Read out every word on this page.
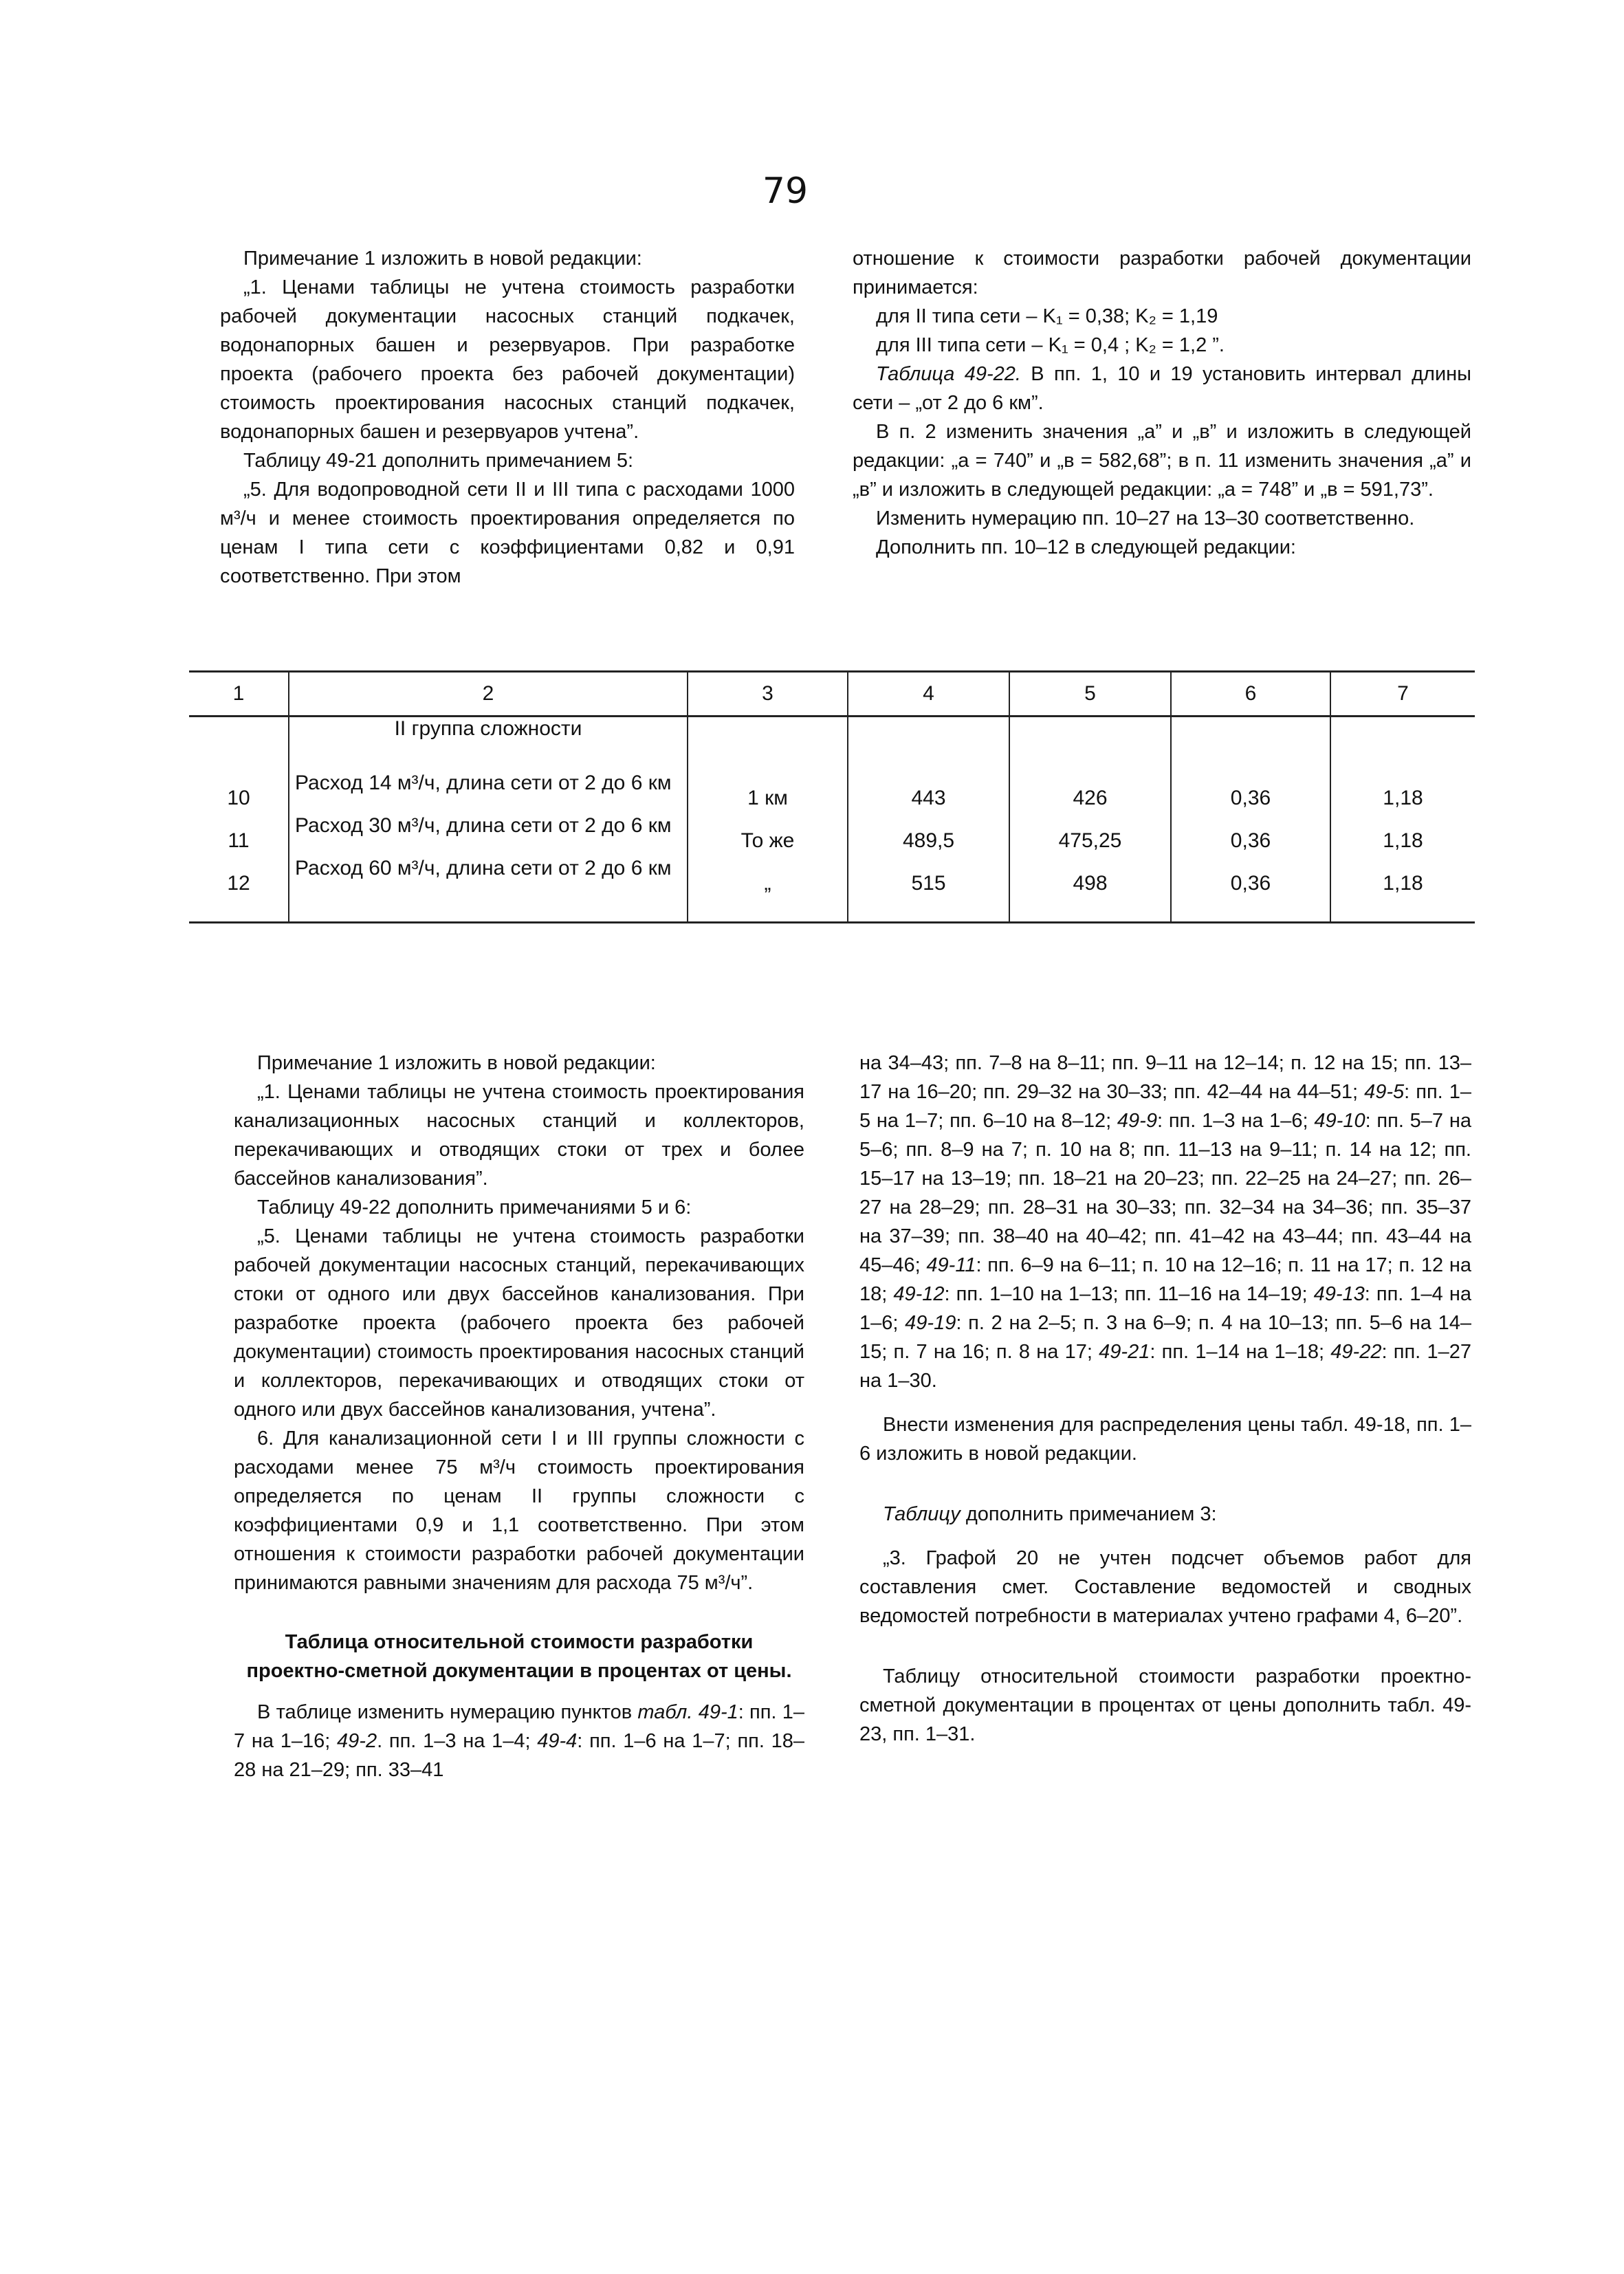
79

Примечание 1 изложить в новой редакции:

„1. Ценами таблицы не учтена стоимость разработки рабочей документации насосных станций подкачек, водонапорных башен и резервуаров. При разработке проекта (рабочего проекта без рабочей документации) стоимость проектирования насосных станций подкачек, водонапорных башен и резервуаров учтена”.

Таблицу 49-21 дополнить примечанием 5:

„5. Для водопроводной сети II и III типа с расходами 1000 м³/ч и менее стоимость проектирования определяется по ценам I типа сети с коэффициентами 0,82 и 0,91 соответственно. При этом

отношение к стоимости разработки рабочей документации принимается:

для II типа сети – K₁ = 0,38; K₂ = 1,19

для III типа сети – K₁ = 0,4 ; K₂ = 1,2 ”.

Таблица 49-22. В пп. 1, 10 и 19 установить интервал длины сети – „от 2 до 6 км”.

В п. 2 изменить значения „а” и „в” и изложить в следующей редакции: „а = 740” и „в = 582,68”; в п. 11 изменить значения „а” и „в” и изложить в следующей редакции: „а = 748” и „в = 591,73”.

Изменить нумерацию пп. 10–27 на 13–30 соответственно.

Дополнить пп. 10–12 в следующей редакции:

1	2	3	4	5	6	7
	II группа сложности					
10	Расход 14 м³/ч, длина сети от 2 до 6 км	1 км	443	426	0,36	1,18
11	Расход 30 м³/ч, длина сети от 2 до 6 км	То же	489,5	475,25	0,36	1,18
12	Расход 60 м³/ч, длина сети от 2 до 6 км	„	515	498	0,36	1,18

Примечание 1 изложить в новой редакции:

„1. Ценами таблицы не учтена стоимость проектирования канализационных насосных станций и коллекторов, перекачивающих и отводящих стоки от трех и более бассейнов канализования”.

Таблицу 49-22 дополнить примечаниями 5 и 6:

„5. Ценами таблицы не учтена стоимость разработки рабочей документации насосных станций, перекачивающих стоки от одного или двух бассейнов канализования. При разработке проекта (рабочего проекта без рабочей документации) стоимость проектирования насосных станций и коллекторов, перекачивающих и отводящих стоки от одного или двух бассейнов канализования, учтена”.

6. Для канализационной сети I и III группы сложности с расходами менее 75 м³/ч стоимость проектирования определяется по ценам II группы сложности с коэффициентами 0,9 и 1,1 соответственно. При этом отношения к стоимости разработки рабочей документации принимаются равными значениям для расхода 75 м³/ч”.

Таблица относительной стоимости разработки проектно-сметной документации в процентах от цены.

В таблице изменить нумерацию пунктов табл. 49-1: пп. 1–7 на 1–16; 49-2. пп. 1–3 на 1–4; 49-4: пп. 1–6 на 1–7; пп. 18–28 на 21–29; пп. 33–41

на 34–43; пп. 7–8 на 8–11; пп. 9–11 на 12–14; п. 12 на 15; пп. 13–17 на 16–20; пп. 29–32 на 30–33; пп. 42–44 на 44–51; 49-5: пп. 1–5 на 1–7; пп. 6–10 на 8–12; 49-9: пп. 1–3 на 1–6; 49-10: пп. 5–7 на 5–6; пп. 8–9 на 7; п. 10 на 8; пп. 11–13 на 9–11; п. 14 на 12; пп. 15–17 на 13–19; пп. 18–21 на 20–23; пп. 22–25 на 24–27; пп. 26–27 на 28–29; пп. 28–31 на 30–33; пп. 32–34 на 34–36; пп. 35–37 на 37–39; пп. 38–40 на 40–42; пп. 41–42 на 43–44; пп. 43–44 на 45–46; 49-11: пп. 6–9 на 6–11; п. 10 на 12–16; п. 11 на 17; п. 12 на 18; 49-12: пп. 1–10 на 1–13; пп. 11–16 на 14–19; 49-13: пп. 1–4 на 1–6; 49-19: п. 2 на 2–5; п. 3 на 6–9; п. 4 на 10–13; пп. 5–6 на 14–15; п. 7 на 16; п. 8 на 17; 49-21: пп. 1–14 на 1–18; 49-22: пп. 1–27 на 1–30.

Внести изменения для распределения цены табл. 49-18, пп. 1–6 изложить в новой редакции.

Таблицу дополнить примечанием 3:

„3. Графой 20 не учтен подсчет объемов работ для составления смет. Составление ведомостей и сводных ведомостей потребности в материалах учтено графами 4, 6–20”.

Таблицу относительной стоимости разработки проектно-сметной документации в процентах от цены дополнить табл. 49-23, пп. 1–31.
